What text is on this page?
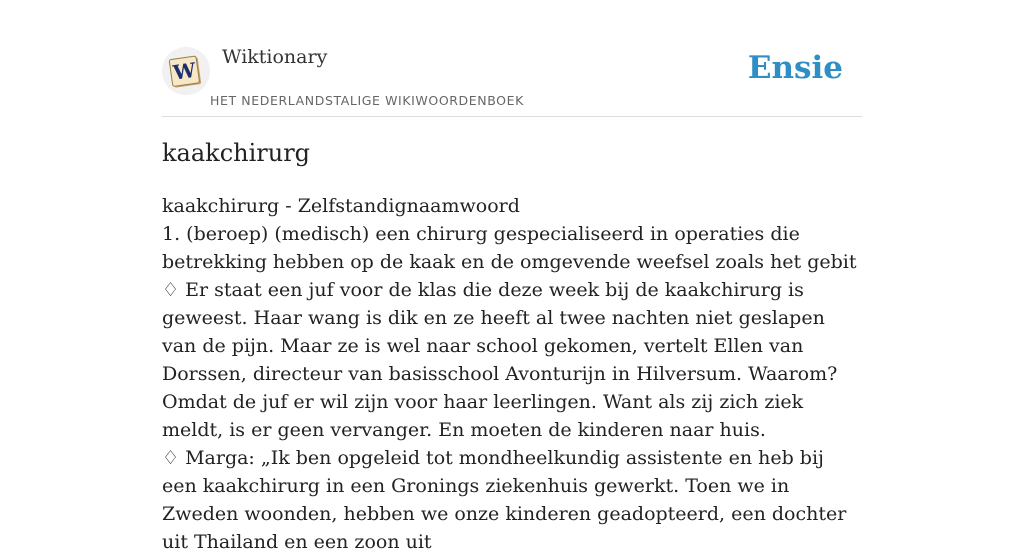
W
Wiktionary
HET NEDERLANDSTALIGE WIKIWOORDENBOEK
Ensie
kaakchirurg

kaakchirurg - Zelfstandignaamwoord

1. (beroep) (medisch) een chirurg gespecialiseerd in operaties die betrekking hebben op de kaak en de omgevende weefsel zoals het gebit

♢ Er staat een juf voor de klas die deze week bij de kaakchirurg is geweest. Haar wang is dik en ze heeft al twee nachten niet geslapen van de pijn. Maar ze is wel naar school gekomen, vertelt Ellen van Dorssen, directeur van basisschool Avonturijn in Hilversum. Waarom? Omdat de juf er wil zijn voor haar leerlingen. Want als zij zich ziek meldt, is er geen vervanger. En moeten de kinderen naar huis.

♢ Marga: „Ik ben opgeleid tot mondheelkundig assistente en heb bij een kaakchirurg in een Gronings ziekenhuis gewerkt. Toen we in Zweden woonden, hebben we onze kinderen geadopteerd, een dochter uit Thailand en een zoon uit
